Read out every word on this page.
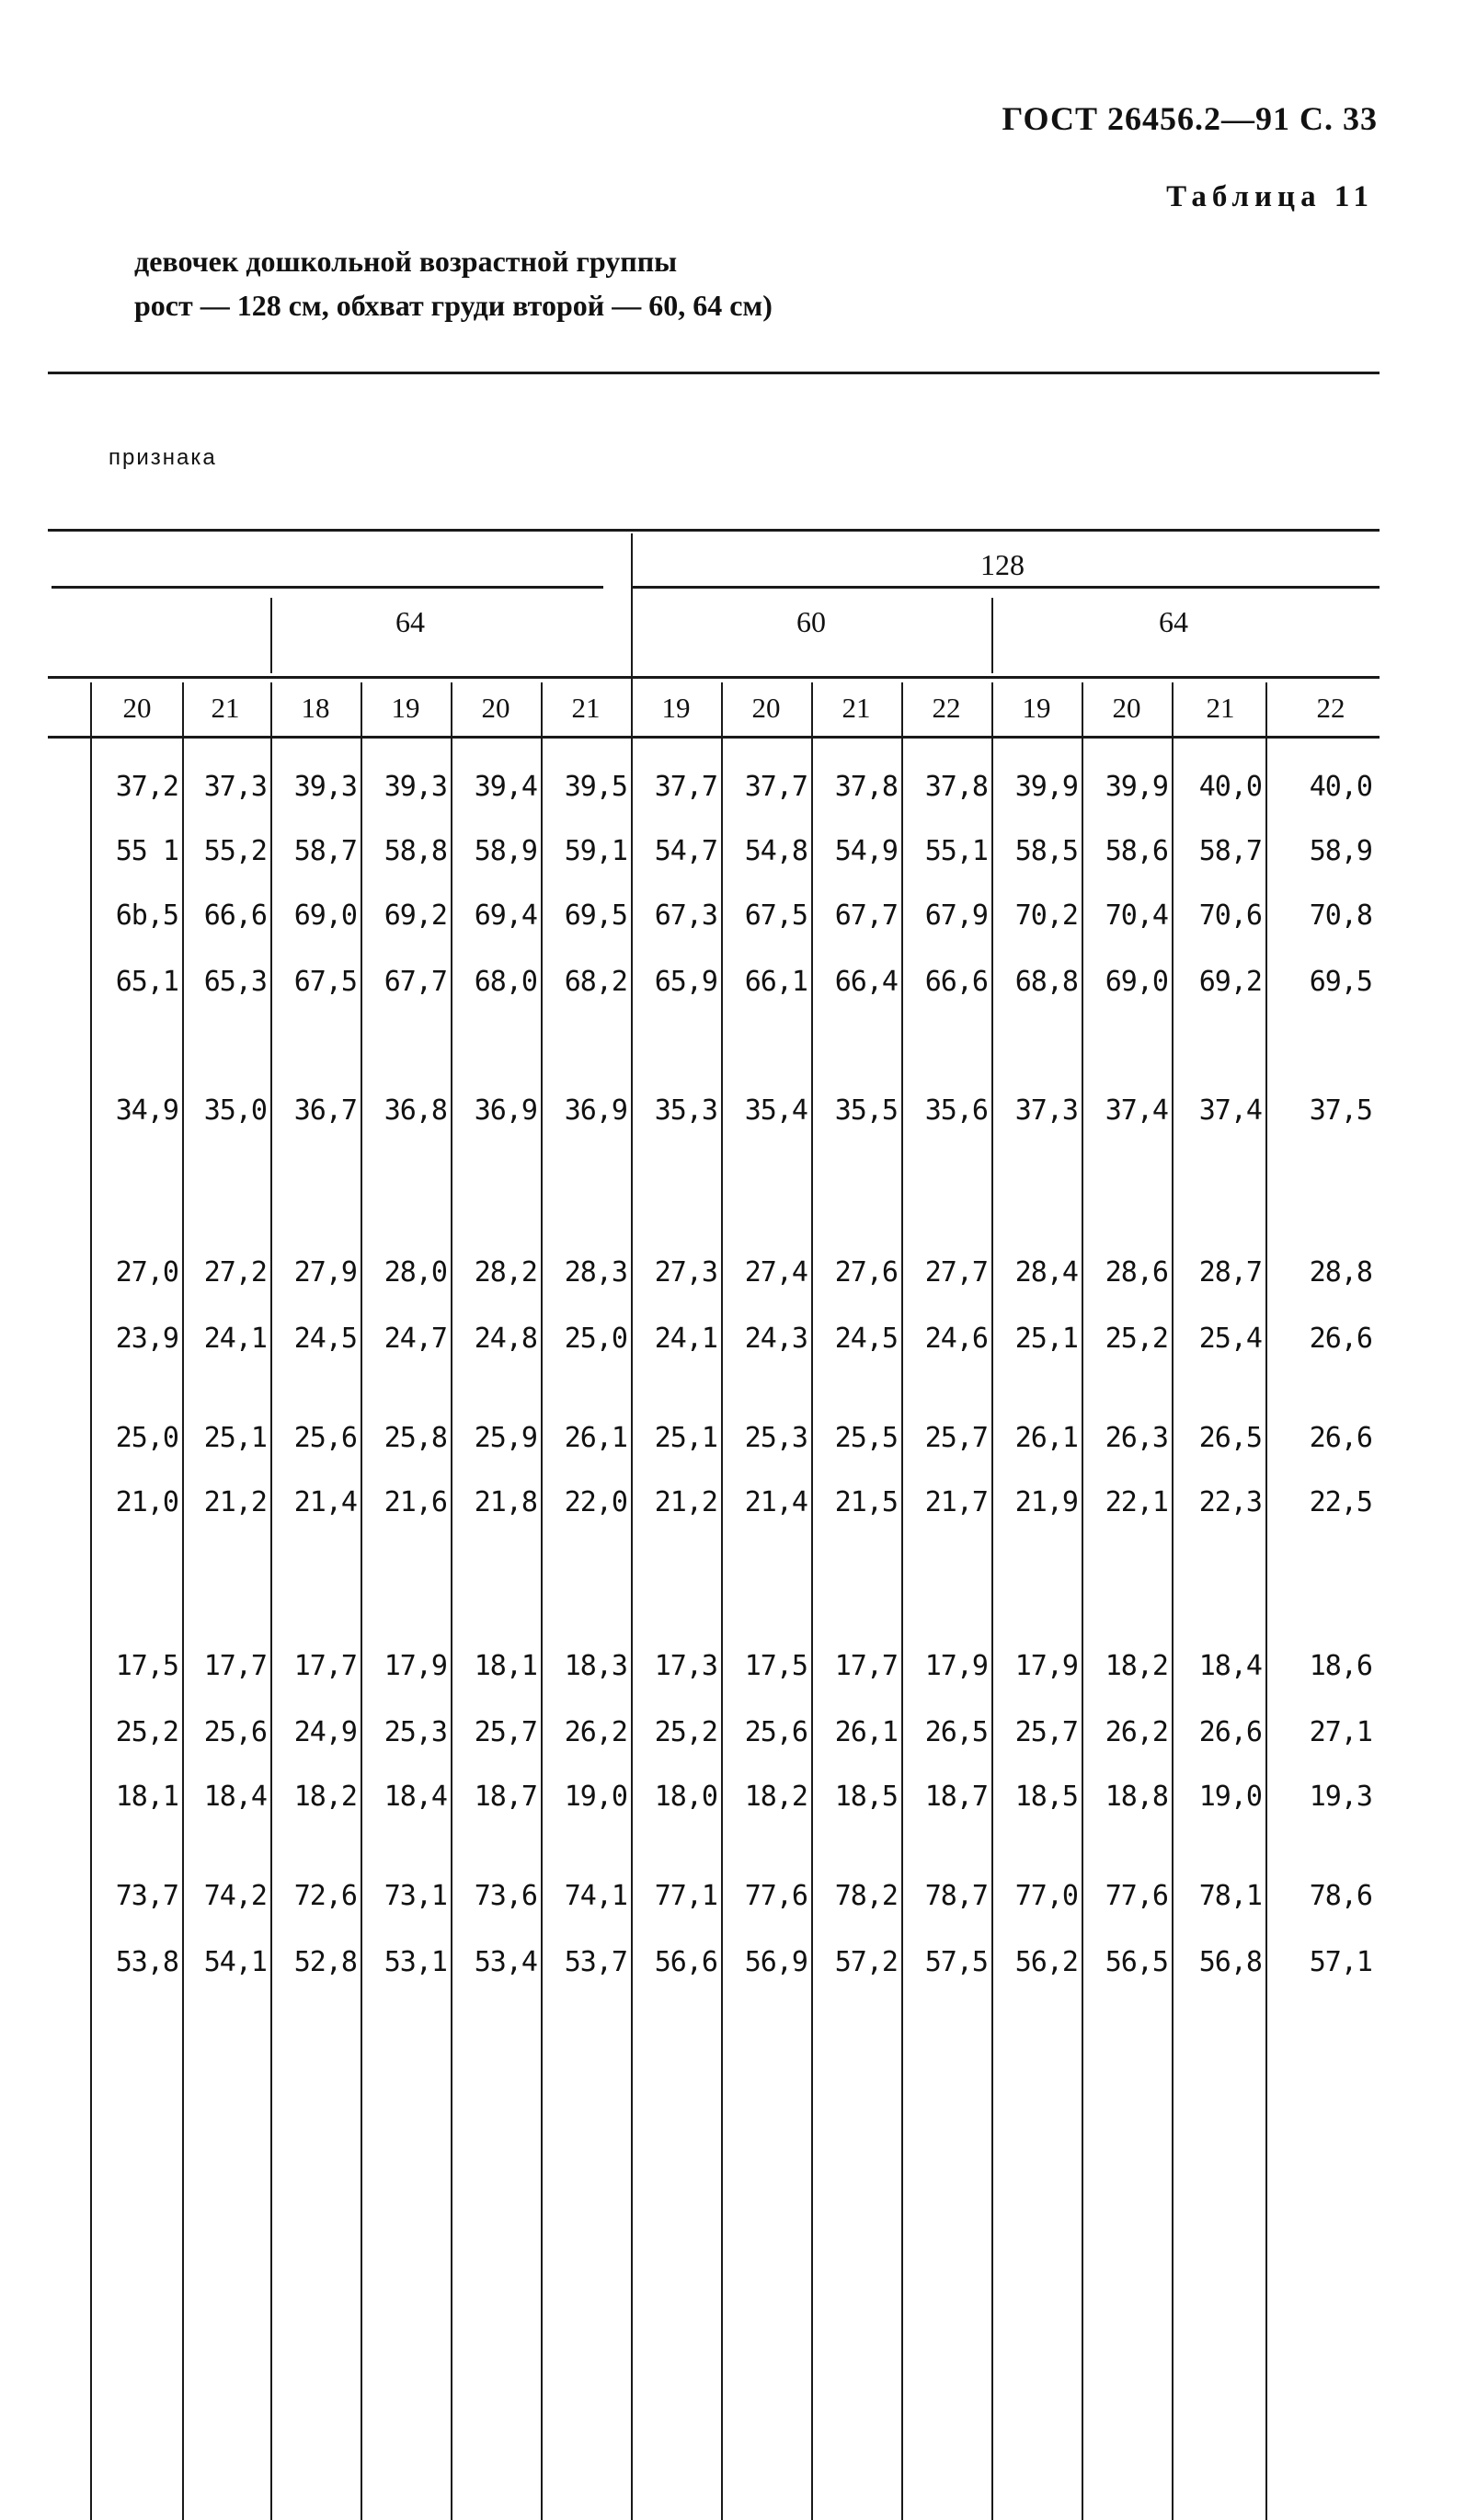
ГОСТ 26456.2—91 С. 33
Таблица 11
девочек дошкольной возрастной группы
рост — 128 см, обхват груди второй — 60, 64 см)
признака
128
64	60	64
20	21	18	19	20	21	19	20	21	22	19	20	21	22
37,2 37,3 39,3 39,3 39,4 39,5 37,7 37,7 37,8 37,8 39,9 39,9	40,0	40,0
55 1 55,2 58,7 58,8 58,9 59,1 54,7 54,8 54,9 55,1 58,5 58,6	58,7	58,9
6b,5 66,6 69,0 69,2 69,4 69,5 67,3 67,5 67,7 67,9 70,2 70,4	70,6	70,8
65,1 65,3 67,5 67,7 68,0 68,2 65,9 66,1 66,4 66,6 68,8 69,0	69,2	69,5
34,9 35,0 36,7 36,8 36,9 36,9 35,3 35,4 35,5 35,6 37,3 37,4	37,4	37,5
27,0 27,2 27,9 28,0 28,2 28,3 27,3 27,4 27,6 27,7 28,4 28,6	28,7	28,8
23,9 24,1 24,5 24,7 24,8 25,0 24,1 24,3 24,5 24,6 25,1 25,2	25,4	26,6
25,0 25,1 25,6 25,8 25,9 26,1 25,1 25,3 25,5 25,7 26,1 26,3	26,5	26,6
21,0 21,2 21,4 21,6 21,8 22,0 21,2 21,4 21,5 21,7 21,9 22,1	22,3	22,5
17,5 17,7 17,7 17,9 18,1 18,3 17,3 17,5 17,7 17,9 17,9 18,2	18,4	18,6
25,2 25,6 24,9 25,3 25,7 26,2 25,2 25,6 26,1 26,5 25,7 26,2	26,6	27,1
18,1 18,4 18,2 18,4 18,7 19,0 18,0 18,2 18,5 18,7 18,5 18,8	19,0	19,3
73,7 74,2 72,6 73,1 73,6 74,1 77,1 77,6 78,2 78,7 77,0 77,6	78,1	78,6
53,8 54,1 52,8 53,1 53,4 53,7 56,6 56,9 57,2 57,5 56,2 56,5	56,8	57,1
